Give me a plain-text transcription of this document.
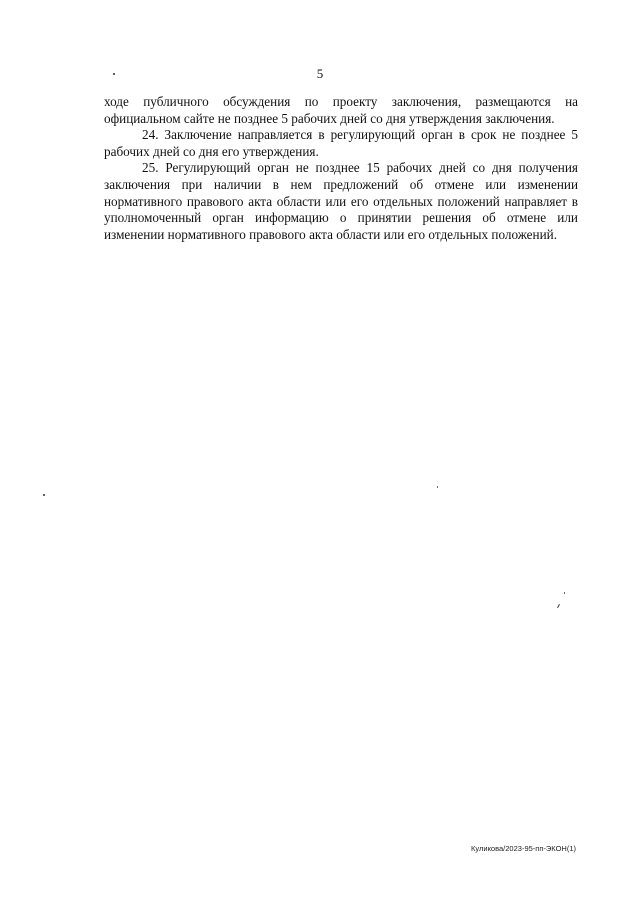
5

ходе публичного обсуждения по проекту заключения, размещаются на официальном сайте не позднее 5 рабочих дней со дня утверждения заключения.

24. Заключение направляется в регулирующий орган в срок не позднее 5 рабочих дней со дня его утверждения.

25. Регулирующий орган не позднее 15 рабочих дней со дня получения заключения при наличии в нем предложений об отмене или изменении нормативного правового акта области или его отдельных положений направляет в уполномоченный орган информацию о принятии решения об отмене или изменении нормативного правового акта области или его отдельных положений.

Куликова/2023-95-пп-ЭКОН(1)
